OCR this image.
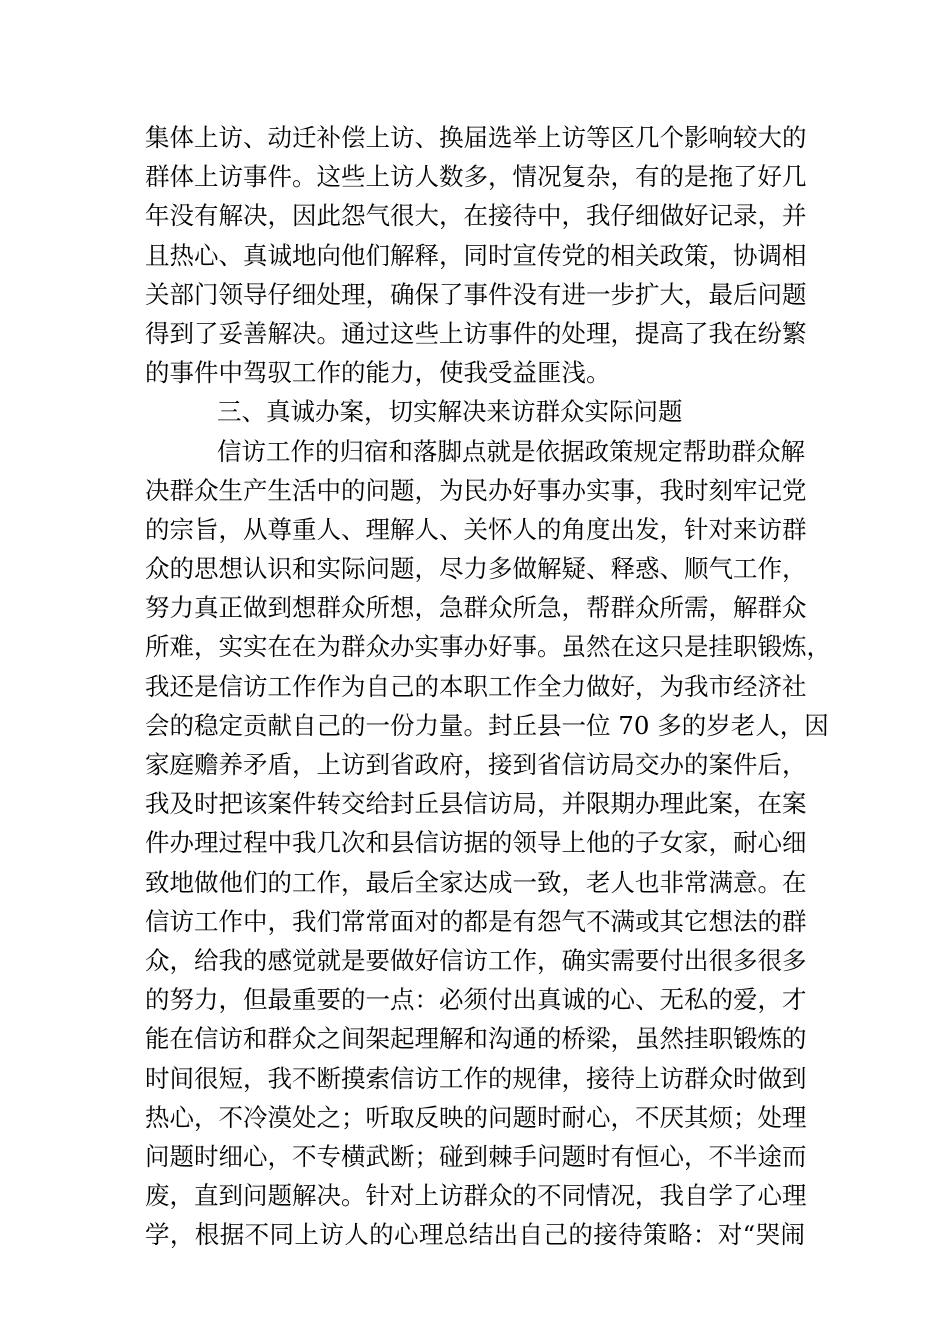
集体上访、动迁补偿上访、换届选举上访等区几个影响较大的
群体上访事件。这些上访人数多，情况复杂，有的是拖了好几
年没有解决，因此怨气很大，在接待中，我仔细做好记录，并
且热心、真诚地向他们解释，同时宣传党的相关政策，协调相
关部门领导仔细处理，确保了事件没有进一步扩大，最后问题
得到了妥善解决。通过这些上访事件的处理，提高了我在纷繁
的事件中驾驭工作的能力，使我受益匪浅。
三、真诚办案，切实解决来访群众实际问题
信访工作的归宿和落脚点就是依据政策规定帮助群众解
决群众生产生活中的问题，为民办好事办实事，我时刻牢记党
的宗旨，从尊重人、理解人、关怀人的角度出发，针对来访群
众的思想认识和实际问题，尽力多做解疑、释惑、顺气工作，
努力真正做到想群众所想，急群众所急，帮群众所需，解群众
所难，实实在在为群众办实事办好事。虽然在这只是挂职锻炼，
我还是信访工作作为自己的本职工作全力做好，为我市经济社
会的稳定贡献自己的一份力量。封丘县一位 70 多的岁老人，因
家庭赡养矛盾，上访到省政府，接到省信访局交办的案件后，
我及时把该案件转交给封丘县信访局，并限期办理此案，在案
件办理过程中我几次和县信访据的领导上他的子女家，耐心细
致地做他们的工作，最后全家达成一致，老人也非常满意。在
信访工作中，我们常常面对的都是有怨气不满或其它想法的群
众，给我的感觉就是要做好信访工作，确实需要付出很多很多
的努力，但最重要的一点：必须付出真诚的心、无私的爱，才
能在信访和群众之间架起理解和沟通的桥梁，虽然挂职锻炼的
时间很短，我不断摸索信访工作的规律，接待上访群众时做到
热心，不冷漠处之；听取反映的问题时耐心，不厌其烦；处理
问题时细心，不专横武断；碰到棘手问题时有恒心，不半途而
废，直到问题解决。针对上访群众的不同情况，我自学了心理
学，根据不同上访人的心理总结出自己的接待策略：对“哭闹
